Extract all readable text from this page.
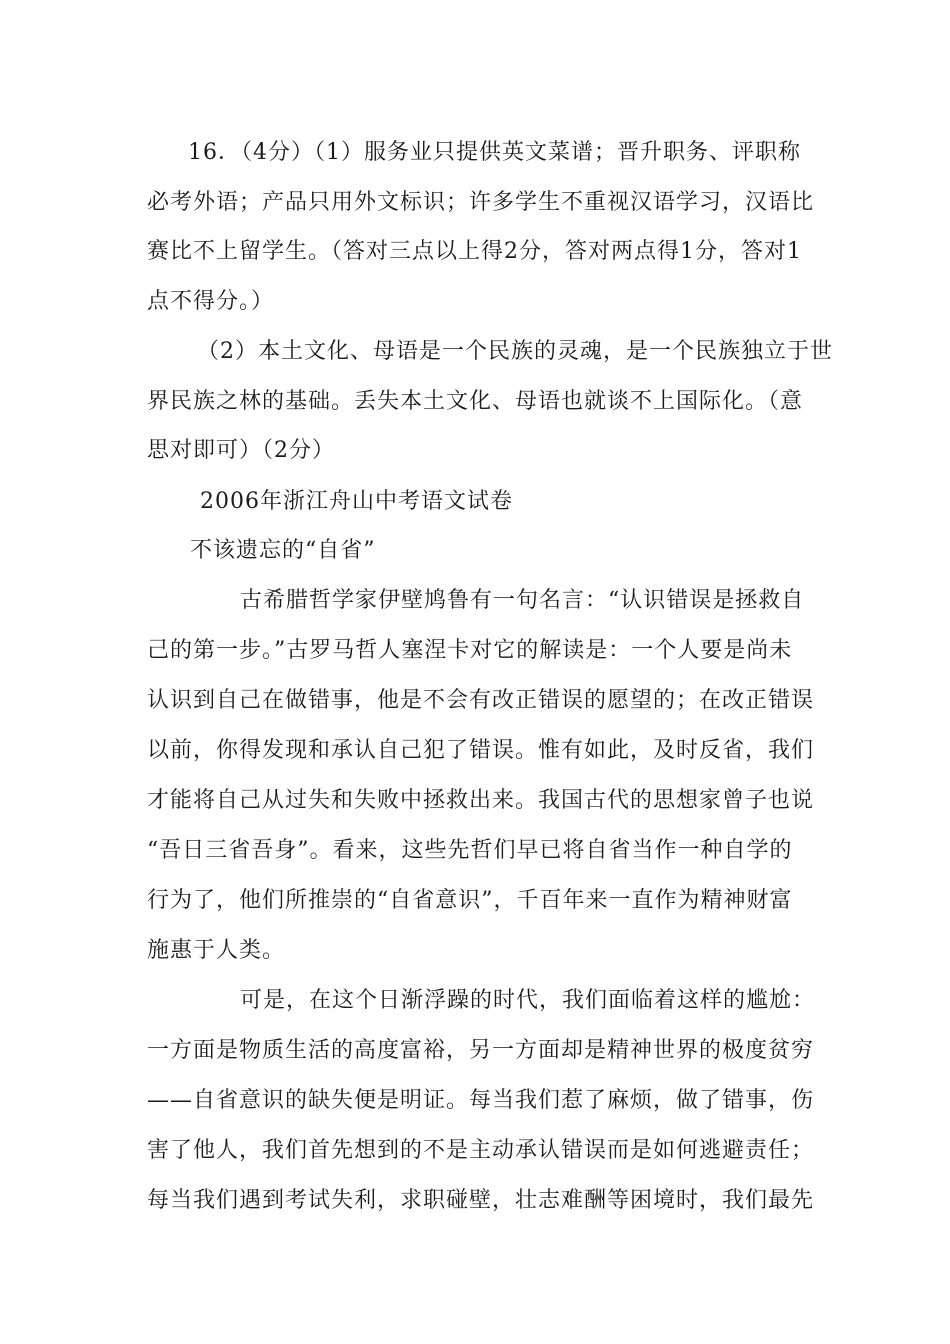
16．（4分）（1）服务业只提供英文菜谱；晋升职务、评职称
必考外语；产品只用外文标识；许多学生不重视汉语学习，汉语比
赛比不上留学生。（答对三点以上得2分，答对两点得1分，答对1
点不得分。）
（2）本土文化、母语是一个民族的灵魂，是一个民族独立于世
界民族之林的基础。丢失本土文化、母语也就谈不上国际化。（意
思对即可）（2分）
2006年浙江舟山中考语文试卷
不该遗忘的“自省”
古希腊哲学家伊壁鸠鲁有一句名言：“认识错误是拯救自
己的第一步。”古罗马哲人塞涅卡对它的解读是：一个人要是尚未
认识到自己在做错事，他是不会有改正错误的愿望的；在改正错误
以前，你得发现和承认自己犯了错误。惟有如此，及时反省，我们
才能将自己从过失和失败中拯救出来。我国古代的思想家曾子也说
“吾日三省吾身”。看来，这些先哲们早已将自省当作一种自学的
行为了，他们所推崇的“自省意识”，千百年来一直作为精神财富
施惠于人类。
可是，在这个日渐浮躁的时代，我们面临着这样的尴尬：
一方面是物质生活的高度富裕，另一方面却是精神世界的极度贫穷
——自省意识的缺失便是明证。每当我们惹了麻烦，做了错事，伤
害了他人，我们首先想到的不是主动承认错误而是如何逃避责任；
每当我们遇到考试失利，求职碰壁，壮志难酬等困境时，我们最先
